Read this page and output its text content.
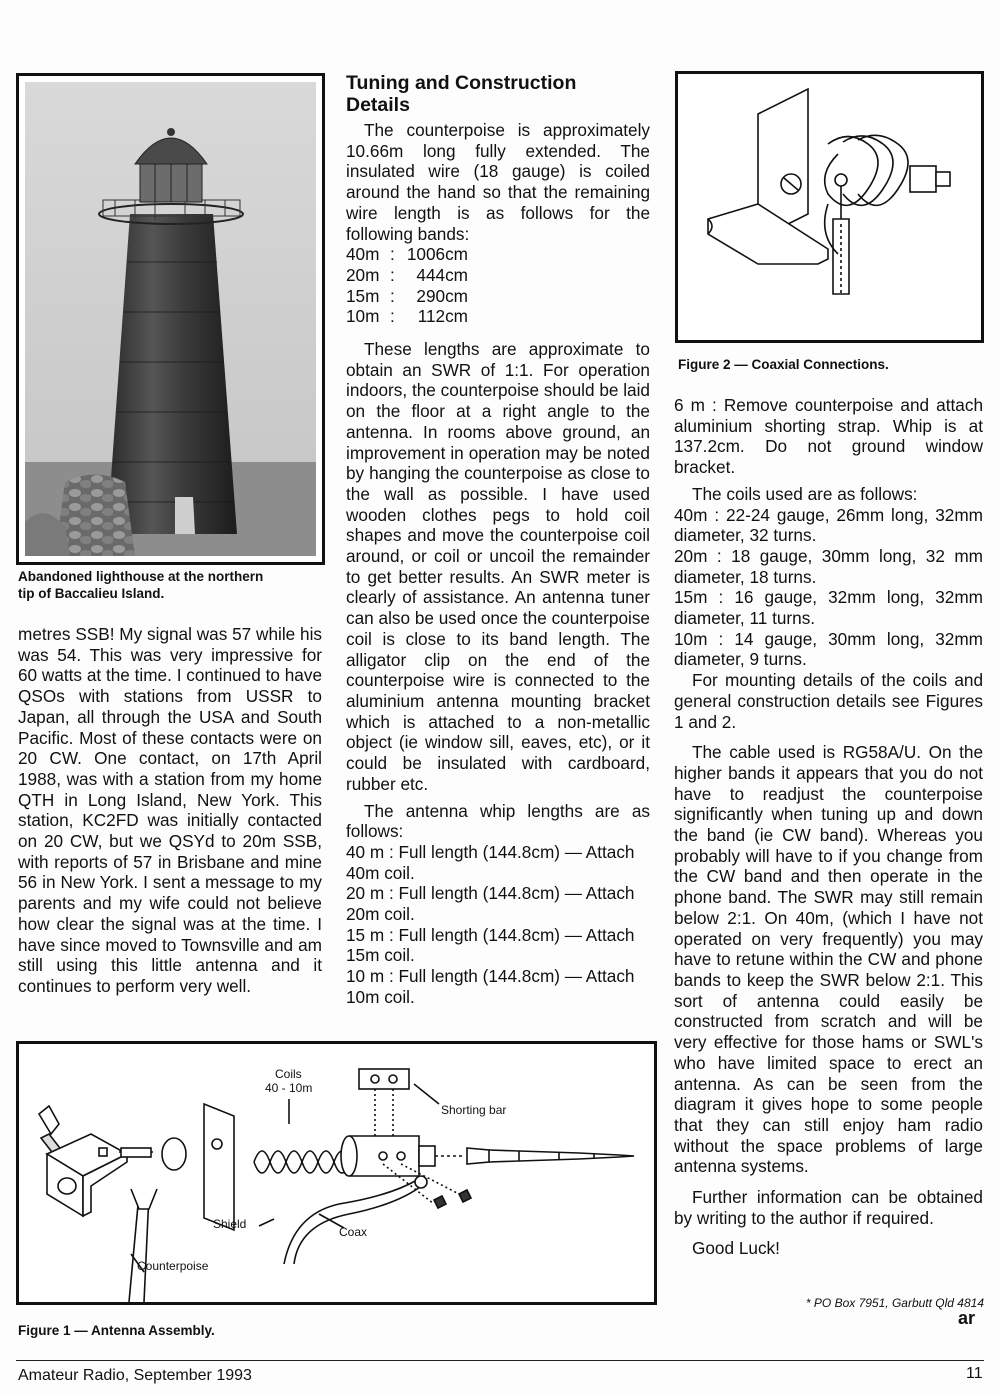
Abandoned lighthouse at the northern
tip of Baccalieu Island.

metres SSB! My signal was 57 while his was 54. This was very impressive for 60 watts at the time. I continued to have QSOs with stations from USSR to Japan, all through the USA and South Pacific. Most of these contacts were on 20 CW. One contact, on 17th April 1988, was with a station from my home QTH in Long Island, New York. This station, KC2FD was initially contacted on 20 CW, but we QSYd to 20m SSB, with reports of 57 in Brisbane and mine 56 in New York. I sent a message to my parents and my wife could not believe how clear the signal was at the time. I have since moved to Townsville and am still using this little antenna and it continues to perform very well.

Tuning and Construction
Details

The counterpoise is approximately 10.66m long fully extended. The insulated wire (18 gauge) is coiled around the hand so that the remaining wire length is as follows for the following bands:

40m : 1006cm
20m : 444cm
15m : 290cm
10m : 112cm

These lengths are approximate to obtain an SWR of 1:1. For operation indoors, the counterpoise should be laid on the floor at a right angle to the antenna. In rooms above ground, an improvement in operation may be noted by hanging the counterpoise as close to the wall as possible. I have used wooden clothes pegs to hold coil shapes and move the counterpoise coil around, or coil or uncoil the remainder to get better results. An SWR meter is clearly of assistance. An antenna tuner can also be used once the counterpoise coil is close to its band length. The alligator clip on the end of the counterpoise wire is connected to the aluminium antenna mounting bracket which is attached to a non-metallic object (ie window sill, eaves, etc), or it could be insulated with cardboard, rubber etc.

The antenna whip lengths are as follows:

40 m : Full length (144.8cm) — Attach 40m coil.
20 m : Full length (144.8cm) — Attach 20m coil.
15 m : Full length (144.8cm) — Attach 15m coil.
10 m : Full length (144.8cm) — Attach 10m coil.
Figure 2 — Coaxial Connections.

6 m : Remove counterpoise and attach aluminium shorting strap. Whip is at 137.2cm. Do not ground window bracket.

The coils used are as follows:

40m : 22-24 gauge, 26mm long, 32mm diameter, 32 turns.
20m : 18 gauge, 30mm long, 32 mm diameter, 18 turns.
15m : 16 gauge, 32mm long, 32mm diameter, 11 turns.
10m : 14 gauge, 30mm long, 32mm diameter, 9 turns.

For mounting details of the coils and general construction details see Figures 1 and 2.

The cable used is RG58A/U. On the higher bands it appears that you do not have to readjust the counterpoise significantly when tuning up and down the band (ie CW band). Whereas you probably will have to if you change from the CW band and then operate in the phone band. The SWR may still remain below 2:1. On 40m, (which I have not operated on very frequently) you may have to retune within the CW and phone bands to keep the SWR below 2:1. This sort of antenna could easily be constructed from scratch and will be very effective for those hams or SWL's who have limited space to erect an antenna. As can be seen from the diagram it gives hope to some people that they can still enjoy ham radio without the space problems of large antenna systems.

Further information can be obtained by writing to the author if required.

Good Luck!

* PO Box 7951, Garbutt Qld 4814
ar
Coils
40 - 10m
Shorting bar
Shield
Coax
Counterpoise
Figure 1 — Antenna Assembly.
Amateur Radio, September 1993	11
